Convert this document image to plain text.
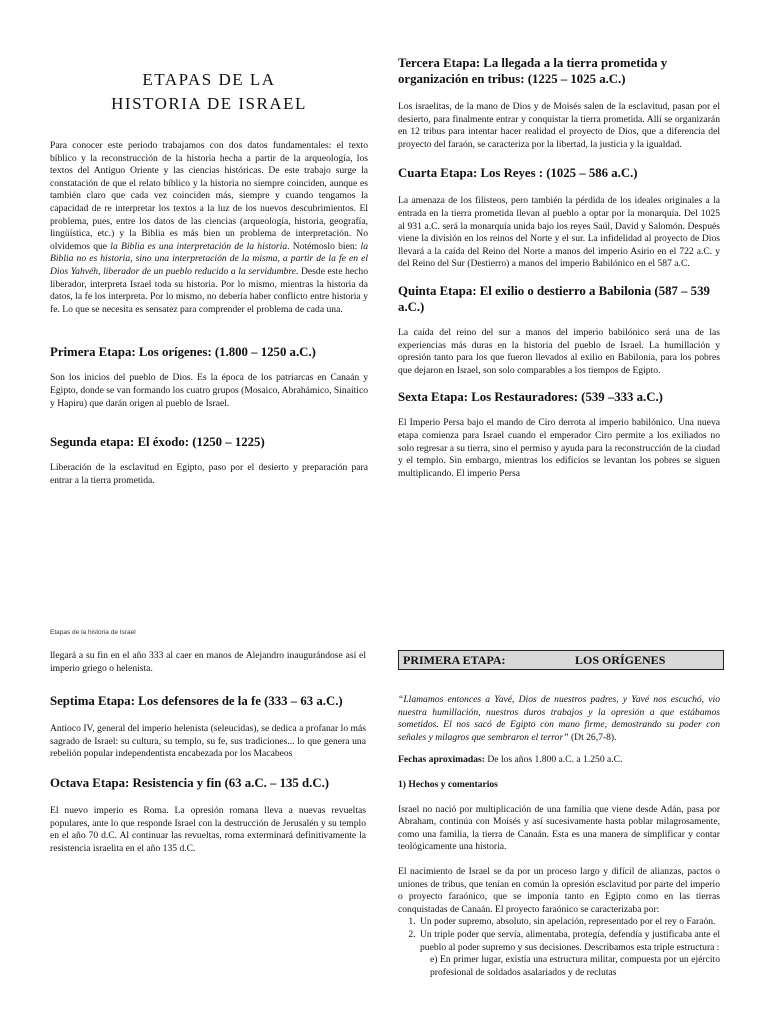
ETAPAS DE LA
HISTORIA DE ISRAEL

Para conocer este periodo trabajamos con dos datos fundamentales: el texto bíblico y la reconstrucción de la historia hecha a partir de la arqueología, los textos del Antiguo Oriente y las ciencias históricas. De este trabajo surge la constatación de que el relato bíblico y la historia no siempre coinciden, aunque es también claro que cada vez coinciden más, siempre y cuando tengamos la capacidad de re interpretar los textos a la luz de los nuevos descubrimientos. El problema, pues, entre los datos de las ciencias (arqueología, historia, geografía, lingüística, etc.) y la Biblia es más bien un problema de interpretación. No olvidemos que la Biblia es una interpretación de la historia. Notémoslo bien: la Biblia no es historia, sino una interpretación de la misma, a partir de la fe en el Dios Yahvéh, liberador de un pueblo reducido a la servidumbre. Desde este hecho liberador, interpreta Israel toda su historia. Por lo mismo, mientras la historia da datos, la fe los interpreta. Por lo mismo, no debería haber conflicto entre historia y fe. Lo que se necesita es sensatez para comprender el problema de cada una.

Primera Etapa: Los orígenes: (1.800 – 1250 a.C.)

Son los inicios del pueblo de Dios. Es la época de los patriarcas en Canaán y Egipto, donde se van formando los cuatro grupos (Mosaico, Abrahámico, Sinaítico y Hapiru) que darán origen al pueblo de Israel.

Segunda etapa: El éxodo: (1250 – 1225)

Liberación de la esclavitud en Egipto, paso por el desierto y preparación para entrar a la tierra prometida.

Tercera Etapa: La llegada a la tierra prometida y organización en tribus: (1225 – 1025 a.C.)

Los israelitas, de la mano de Dios y de Moisés salen de la esclavitud, pasan por el desierto, para finalmente entrar y conquistar la tierra prometida. Allí se organizarán en 12 tribus para intentar hacer realidad el proyecto de Dios, que a diferencia del proyecto del faraón, se caracteriza por la libertad, la justicia y la igualdad.

Cuarta Etapa: Los Reyes : (1025 – 586 a.C.)

La amenaza de los filisteos, pero también la pérdida de los ideales originales a la entrada en la tierra prometida llevan al pueblo a optar por la monarquía. Del 1025 al 931 a.C. será la monarquía unida bajo los reyes Saúl, David y Salomón. Después viene la división en los reinos del Norte y el sur. La infidelidad al proyecto de Dios llevará a la caída del Reino del Norte a manos del imperio Asirio en el 722 a.C. y del Reino del Sur (Destierro) a manos del imperio Babilónico en el 587 a.C.

Quinta Etapa: El exilio o destierro a Babilonia (587 – 539 a.C.)

La caída del reino del sur a manos del imperio babilónico será una de las experiencias más duras en la historia del pueblo de Israel. La humillación y opresión tanto para los que fueron llevados al exilio en Babilonia, para los pobres que dejaron en Israel, son solo comparables a los tiempos de Egipto.

Sexta Etapa: Los Restauradores: (539 –333 a.C.)

El Imperio Persa bajo el mando de Ciro derrota al imperio babilónico. Una nueva etapa comienza para Israel cuando el emperador Ciro permite a los exiliados no solo regresar a su tierra, sino el permiso y ayuda para la reconstrucción de la ciudad y el templo. Sin embargo, mientras los edificios se levantan los pobres se siguen multiplicando. El imperio Persa

Etapas de la historia de Israel

llegará a su fin en el año 333 al caer en manos de Alejandro inaugurándose así el imperio griego o helenista.

Septima Etapa: Los defensores de la fe (333 – 63 a.C.)

Antioco IV, general del imperio helenista (seleucidas), se dedica a profanar lo más sagrado de Israel: su cultura, su templo, su fe, sus tradiciones... lo que genera una rebelión popular independentista encabezada por los Macabeos

Octava Etapa: Resistencia y fin (63 a.C. – 135 d.C.)

El nuevo imperio es Roma. La opresión romana lleva a nuevas revueltas populares, ante lo que responde Israel con la destrucción de Jerusalén y su templo en el año 70 d.C. Al continuar las revueltas, roma exterminará definitivamente la resistencia israelita en el año 135 d.C.

PRIMERA ETAPA:	LOS ORÍGENES

“Llamamos entonces a Yavé, Dios de nuestros padres, y Yavé nos escuchó, vio nuestra humillación, nuestros duros trabajos y la opresión a que estábamos sometidos. El nos sacó de Egipto con mano firme, demostrando su poder con señales y milagros que sembraron el terror” (Dt 26,7-8).

Fechas aproximadas: De los años 1.800 a.C. a 1.250 a.C.

1) Hechos y comentarios

Israel no nació por multiplicación de una familia que viene desde Adán, pasa por Abraham, continúa con Moisés y así sucesivamente hasta poblar milagrosamente, como una familia, la tierra de Canaán. Esta es una manera de simplificar y contar teológicamente una historia.

El nacimiento de Israel se da por un proceso largo y difícil de alianzas, pactos o uniones de tribus, que tenían en común la opresión esclavitud por parte del imperio o proyecto faraónico, que se imponía tanto en Egipto como en las tierras conquistadas de Canaán. El proyecto faraónico se caracterizaba por:

1. Un poder supremo, absoluto, sin apelación, representado por el rey o Faraón.
2. Un triple poder que servía, alimentaba, protegía, defendía y justificaba ante el pueblo al poder supremo y sus decisiones. Describamos esta triple estructura :

e) En primer lugar, existía una estructura militar, compuesta por un ejército profesional de soldados asalariados y de reclutas
